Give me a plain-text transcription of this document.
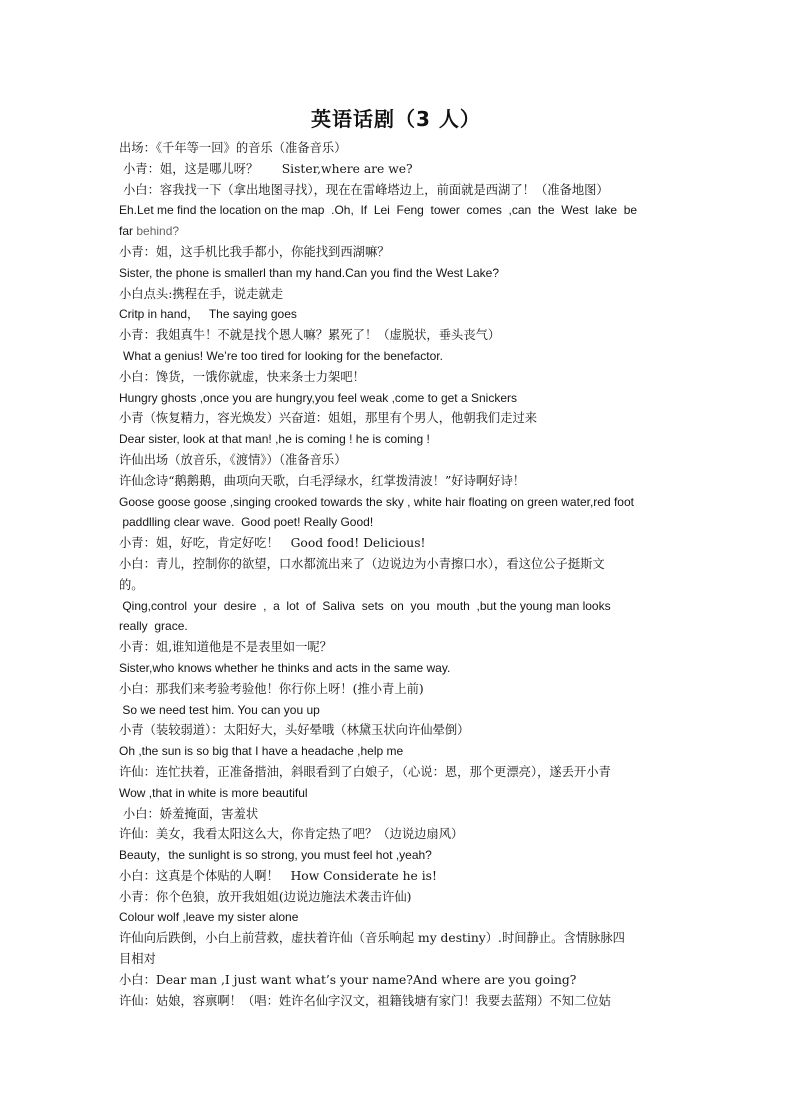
英语话剧（3 人）
出场：《千年等一回》的音乐（准备音乐）
小青：姐，这是哪儿呀？      Sister,where are we?
小白：容我找一下（拿出地图寻找），现在在雷峰塔边上，前面就是西湖了！（准备地图）
Eh.Let me find the location on the map  .Oh,  If  Lei  Feng  tower  comes  ,can  the  West  lake  be
far behind?
小青：姐，这手机比我手都小，你能找到西湖嘛？
Sister, the phone is smallerl than my hand.Can you find the West Lake?
小白点头:携程在手，说走就走
Critp in hand，   The saying goes
小青：我姐真牛！不就是找个恩人嘛？累死了！（虚脱状，垂头丧气）
What a genius! We’re too tired for looking for the benefactor.
小白：馋货，一饿你就虚，快来条士力架吧！
Hungry ghosts ,once you are hungry,you feel weak ,come to get a Snickers
小青（恢复精力，容光焕发）兴奋道：姐姐，那里有个男人，他朝我们走过来
Dear sister, look at that man! ,he is coming ! he is coming !
许仙出场（放音乐，《渡情》）（准备音乐）
许仙念诗“鹅鹅鹅，曲项向天歌，白毛浮绿水，红掌拨清波！”好诗啊好诗！
Goose goose goose ,singing crooked towards the sky , white hair floating on green water,red foot
paddlling clear wave.  Good poet! Really Good!
小青：姐，好吃，肯定好吃！   Good food! Delicious!
小白：青儿，控制你的欲望，口水都流出来了（边说边为小青擦口水），看这位公子挺斯文
的。
Qing,control  your  desire  ,  a  lot  of  Saliva  sets  on  you  mouth  ,but the young man looks
really  grace.
小青：姐,谁知道他是不是表里如一呢？
Sister,who knows whether he thinks and acts in the same way.
小白：那我们来考验考验他！你行你上呀！(推小青上前)
So we need test him. You can you up
小青（装较弱道）：太阳好大，头好晕哦（林黛玉状向许仙晕倒）
Oh ,the sun is so big that I have a headache ,help me
许仙：连忙扶着，正准备揩油，斜眼看到了白娘子，（心说：恩，那个更漂亮），遂丢开小青
Wow ,that in white is more beautiful
小白：娇羞掩面，害羞状
许仙：美女，我看太阳这么大，你肯定热了吧？（边说边扇风）
Beauty，the sunlight is so strong, you must feel hot ,yeah?
小白：这真是个体贴的人啊！   How Considerate he is!
小青：你个色狼，放开我姐姐(边说边施法术袭击许仙)
Colour wolf ,leave my sister alone
许仙向后跌倒，小白上前营救，虚扶着许仙（音乐响起 my destiny）.时间静止。含情脉脉四
目相对
小白：Dear man ,I just want what’s your name?And where are you going?
许仙：姑娘，容禀啊！（唱：姓许名仙字汉文，祖籍钱塘有家门！我要去蓝翔）不知二位姑
